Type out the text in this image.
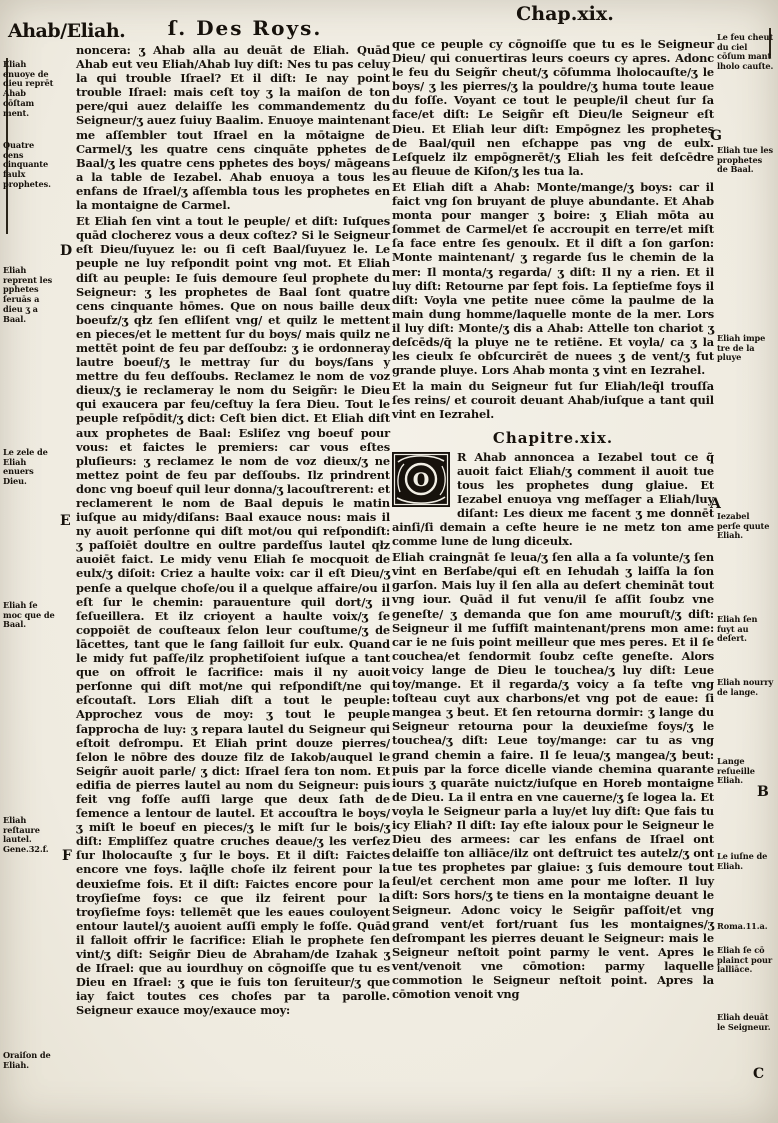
Ahab/Eliah.	ſ. Des Roys.
Chap.xix.

noncera: ʒ Ahab alla au deuāt de Eliah. Quād Ahab eut veu Eliah/Ahab luy diſt: Nes tu pas celuy la qui trouble Iſrael? Et il diſt: Ie nay point trouble Iſrael: mais ceſt toy ʒ la maiſon de ton pere/qui auez delaiſſe les commandementz du Seigneur/ʒ auez ſuiuy Baalim. Enuoye maintenant me aſſembler tout Iſrael en la mōtaigne de Carmel/ʒ les quatre cens cinquāte pphetes de Baal/ʒ les quatre cens pphetes des boys/ māgeans a la table de Iezabel. Ahab enuoya a tous les enfans de Iſrael/ʒ aſſembla tous les prophetes en la montaigne de Carmel.

Et Eliah ſen vint a tout le peuple/ et diſt: Iuſques quād clocherez vous a deux coſtez? Si le Seigneur eſt Dieu/ſuyuez le: ou ſi ceſt Baal/ſuyuez le. Le peuple ne luy reſpondit point vng mot. Et Eliah diſt au peuple: Ie ſuis demoure ſeul prophete du Seigneur: ʒ les prophetes de Baal ſont quatre cens cinquante hōmes. Que on nous baille deux boeufz/ʒ qłz ſen eſliſent vng/ et quilz le mettent en pieces/et le mettent ſur du boys/ mais quilz ne mettēt point de feu par deſſoubz: ʒ ie ordonneray lautre boeuf/ʒ le mettray ſur du boys/ſans y mettre du feu deſſoubs. Reclamez le nom de voz dieux/ʒ ie reclameray le nom du Seigñr: le Dieu qui exaucera par feu/ceſtuy la ſera Dieu. Tout le peuple reſpōdit/ʒ dict: Ceſt bien dict. Et Eliah diſt aux prophetes de Baal: Esliſez vng boeuf pour vous: et faictes le premiers: car vous eſtes pluſieurs: ʒ reclamez le nom de voz dieux/ʒ ne mettez point de feu par deſſoubs. Ilz prindrent donc vng boeuf quil leur donna/ʒ lacouſtrerent: et reclamerent le nom de Baal depuis le matin iuſque au midy/diſans: Baal exauce nous: mais il ny auoit perſonne qui diſt mot/ou qui reſpondiſt: ʒ paſſoiēt doultre en oultre pardeſſus lautel qłz auoiēt faict. Le midy venu Eliah ſe mocquoit de eulx/ʒ diſoit: Criez a haulte voix: car il eſt Dieu/ʒ penſe a quelque choſe/ou il a quelque affaire/ou il eſt ſur le chemin: parauenture quil dort/ʒ il ſeſueillera. Et ilz crioyent a haulte voix/ʒ ſe coppoiēt de couſteaux ſelon leur couſtume/ʒ de lācettes, tant que le ſang ſailloit ſur eulx. Quand le midy fut paſſe/ilz prophetiſoient iuſque a tant que on offroit le ſacrifice: mais il ny auoit perſonne qui diſt mot/ne qui reſpondiſt/ne qui eſcoutaſt. Lors Eliah diſt a tout le peuple: Approchez vous de moy: ʒ tout le peuple ſapprocha de luy: ʒ repara lautel du Seigneur qui eſtoit deſrompu. Et Eliah print douze pierres/ſelon le nōbre des douze filz de Iakob/auquel le Seigñr auoit parle/ ʒ dict: Iſrael ſera ton nom. Et edifia de pierres lautel au nom du Seigneur: puis feit vng foſſe auſſi large que deux ſath de ſemence a lentour de lautel. Et accouſtra le boys/ʒ miſt le boeuf en pieces/ʒ le miſt ſur le bois/ʒ diſt: Empliſſez quatre cruches deaue/ʒ les verſez ſur lholocauſte ʒ ſur le boys. Et il diſt: Faictes encore vne foys. laq̃lle choſe ilz feirent pour la deuxieſme fois. Et il diſt: Faictes encore pour la troyſieſme foys: ce que ilz feirent pour la troyſieſme foys: tellemēt que les eaues couloyent entour lautel/ʒ auoient auſſi emply le foſſe. Quād il falloit offrir le ſacrifice: Eliah le prophete ſen vint/ʒ diſt: Seigñr Dieu de Abraham/de Izahak ʒ de Iſrael: que au iourdhuy on cōgnoiſſe que tu es Dieu en Iſrael: ʒ que ie ſuis ton ſeruiteur/ʒ que iay faict toutes ces choſes par ta parolle. Seigneur exauce moy/exauce moy:

que ce peuple cy cōgnoiſſe que tu es le Seigneur Dieu/ qui conuertiras leurs coeurs cy apres. Adonc le feu du Seigñr cheut/ʒ cōſumma lholocauſte/ʒ le boys/ ʒ les pierres/ʒ la pouldre/ʒ huma toute leaue du foſſe. Voyant ce tout le peuple/il cheut ſur ſa face/et diſt: Le Seigñr eſt Dieu/le Seigneur eſt Dieu. Et Eliah leur diſt: Empōgnez les prophetes de Baal/quil nen eſchappe pas vng de eulx. Leſquelz ilz empōgnerēt/ʒ Eliah les feit deſcēdre au fleuue de Kiſon/ʒ les tua la.

Et Eliah diſt a Ahab: Monte/mange/ʒ boys: car il faict vng ſon bruyant de pluye abundante. Et Ahab monta pour manger ʒ boire: ʒ Eliah mōta au ſommet de Carmel/et ſe accroupit en terre/et miſt ſa face entre ſes genoulx. Et il diſt a ſon garſon: Monte maintenant/ ʒ regarde ſus le chemin de la mer: Il monta/ʒ regarda/ ʒ diſt: Il ny a rien. Et il luy diſt: Retourne par ſept fois. La ſeptieſme foys il diſt: Voyla vne petite nuee cōme la paulme de la main dung homme/laquelle monte de la mer. Lors il luy diſt: Monte/ʒ dis a Ahab: Attelle ton chariot ʒ deſcēds/q̃ la pluye ne te retiēne. Et voyla/ ca ʒ la les cieulx ſe obſcurcirēt de nuees ʒ de vent/ʒ fut grande pluye. Lors Ahab monta ʒ vint en Iezrahel.

Et la main du Seigneur fut ſur Eliah/leq̃l trouſſa ſes reins/ et couroit deuant Ahab/iuſque a tant quil vint en Iezrahel.

Chapitre.xix.
O

R Ahab annoncea a Iezabel tout ce q̃ auoit faict Eliah/ʒ comment il auoit tue tous les prophetes dung glaiue. Et Iezabel enuoya vng meſſager a Eliah/luy diſant: Les dieux me facent ʒ me donnēt ainſi/ſi demain a ceſte heure ie ne metz ton ame comme lune de lung diceulx.

Eliah craingnāt ſe leua/ʒ ſen alla a ſa volunte/ʒ ſen vint en Berſabe/qui eſt en Iehudah ʒ laiſſa la ſon garſon. Mais luy il ſen alla au deſert chemināt tout vng iour. Quād il fut venu/il ſe aſſit ſoubz vne geneſte/ ʒ demanda que ſon ame mouruſt/ʒ diſt: Seigneur il me ſuffiſt maintenant/prens mon ame: car ie ne ſuis point meilleur que mes peres. Et il ſe couchea/et ſendormit ſoubz ceſte geneſte. Alors voicy lange de Dieu le touchea/ʒ luy diſt: Leue toy/mange. Et il regarda/ʒ voicy a ſa teſte vng toſteau cuyt aux charbons/et vng pot de eaue: ſi mangea ʒ beut. Et ſen retourna dormir: ʒ lange du Seigneur retourna pour la deuxieſme foys/ʒ le touchea/ʒ diſt: Leue toy/mange: car tu as vng grand chemin a faire. Il ſe leua/ʒ mangea/ʒ beut: puis par la force dicelle viande chemina quarante iours ʒ quarāte nuictz/iuſque en Horeb montaigne de Dieu. La il entra en vne cauerne/ʒ ſe logea la. Et voyla le Seigneur parla a luy/et luy diſt: Que fais tu icy Eliah? Il diſt: Iay eſte ialoux pour le Seigneur le Dieu des armees: car les enfans de Iſrael ont delaiſſe ton alliāce/ilz ont deſtruict tes autelz/ʒ ont tue tes prophetes par glaiue: ʒ ſuis demoure tout ſeul/et cerchent mon ame pour me loſter. Il luy diſt: Sors hors/ʒ te tiens en la montaigne deuant le Seigneur. Adonc voicy le Seigñr paſſoit/et vng grand vent/et fort/ruant ſus les montaignes/ʒ deſrompant les pierres deuant le Seigneur: mais le Seigneur neſtoit point parmy le vent. Apres le vent/venoit vne cōmotion: parmy laquelle commotion le Seigneur neſtoit point. Apres la cōmotion venoit vng

Eliah enuoye de dieu reprēt Ahab cōſtam ment.
Quatre cens cinquante faulx prophetes.
Eliah reprent les pphetes ſeruās a dieu ʒ a Baal.
Le zele de Eliah enuers Dieu.
Eliah ſe moc que de Baal.
Eliah reſtaure lautel. Gene.32.f.
Oraiſon de Eliah.
Le feu cheut du ciel cōſum mant lholo cauſte.
Eliah tue les prophetes de Baal.
Eliah impe tre de la pluye
Iezabel perſe quute Eliah.
Eliah ſen fuyt au deſert.
Eliah nourry de lange.
Lange reſueille Eliah.
Le iuſne de Eliah.
Roma.11.a.
Eliah ſe cō plainct pour lalliāce.
Eliah deuāt le Seigneur.
D
E
F
G
A
B
C
